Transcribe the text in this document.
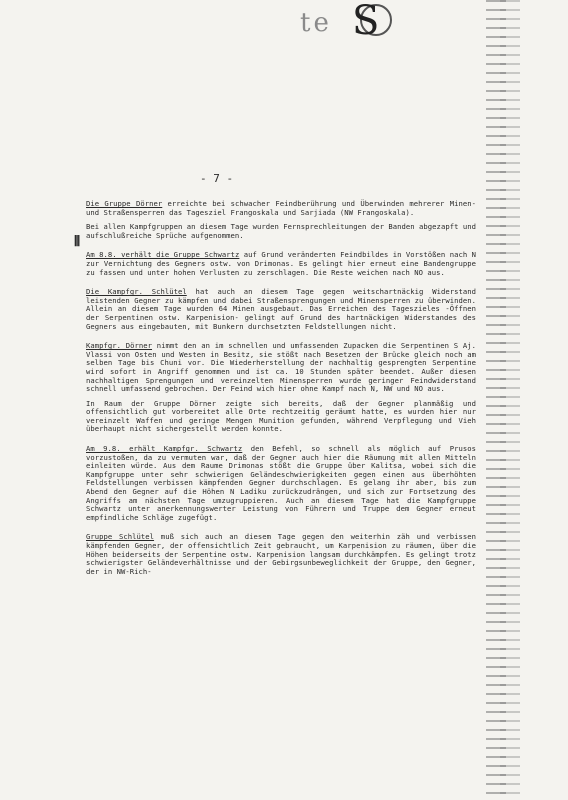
te S
- 7 -
⦀

Die Gruppe Dörner erreichte bei schwacher Feindberührung und Überwinden mehrerer Minen- und Straßensperren das Tagesziel Frangoskala und Sarjiada (NW Frangoskala).

Bei allen Kampfgruppen an diesem Tage wurden Fernsprechleitungen der Banden abgezapft und aufschlußreiche Sprüche aufgenommen.

Am 8.8. verhält die Gruppe Schwartz auf Grund veränderten Feindbildes in Vorstößen nach N zur Vernichtung des Gegners ostw. von Drimonas. Es gelingt hier erneut eine Bandengruppe zu fassen und unter hohen Verlusten zu zerschlagen. Die Reste weichen nach NO aus.

Die Kampfgr. Schlütel hat auch an diesem Tage gegen weitschartnäckig Widerstand leistenden Gegner zu kämpfen und dabei Straßensprengungen und Minensperren zu überwinden. Allein an diesem Tage wurden 64 Minen ausgebaut. Das Erreichen des Tageszieles -Öffnen der Serpentinen ostw. Karpenision- gelingt auf Grund des hartnäckigen Widerstandes des Gegners aus eingebauten, mit Bunkern durchsetzten Feldstellungen nicht.

Kampfgr. Dörner nimmt den an im schnellen und umfassenden Zupacken die Serpentinen S Aj. Vlassi von Osten und Westen in Besitz, sie stößt nach Besetzen der Brücke gleich noch am selben Tage bis Chuni vor. Die Wiederherstellung der nachhaltig gesprengten Serpentine wird sofort in Angriff genommen und ist ca. 10 Stunden später beendet. Außer diesen nachhaltigen Sprengungen und vereinzelten Minensperren wurde geringer Feindwiderstand schnell umfassend gebrochen. Der Feind wich hier ohne Kampf nach N, NW und NO aus.

In Raum der Gruppe Dörner zeigte sich bereits, daß der Gegner planmäßig und offensichtlich gut vorbereitet alle Orte rechtzeitig geräumt hatte, es wurden hier nur vereinzelt Waffen und geringe Mengen Munition gefunden, während Verpflegung und Vieh überhaupt nicht sichergestellt werden konnte.

Am 9.8. erhält Kampfgr. Schwartz den Befehl, so schnell als möglich auf Prusos vorzustoßen, da zu vermuten war, daß der Gegner auch hier die Räumung mit allen Mitteln einleiten würde. Aus dem Raume Drimonas stößt die Gruppe über Kalitsa, wobei sich die Kampfgruppe unter sehr schwierigen Geländeschwierigkeiten gegen einen aus überhöhten Feldstellungen verbissen kämpfenden Gegner durchschlagen. Es gelang ihr aber, bis zum Abend den Gegner auf die Höhen N Ladiku zurückzudrängen, und sich zur Fortsetzung des Angriffs am nächsten Tage umzugruppieren. Auch an diesem Tage hat die Kampfgruppe Schwartz unter anerkennungswerter Leistung von Führern und Truppe dem Gegner erneut empfindliche Schläge zugefügt.

Gruppe Schlütel muß sich auch an diesem Tage gegen den weiterhin zäh und verbissen kämpfenden Gegner, der offensichtlich Zeit gebraucht, um Karpenision zu räumen, über die Höhen beiderseits der Serpentine ostw. Karpenision langsam durchkämpfen. Es gelingt trotz schwierigster Geländeverhältnisse und der Gebirgsunbeweglichkeit der Gruppe, den Gegner, der in NW-Rich-
